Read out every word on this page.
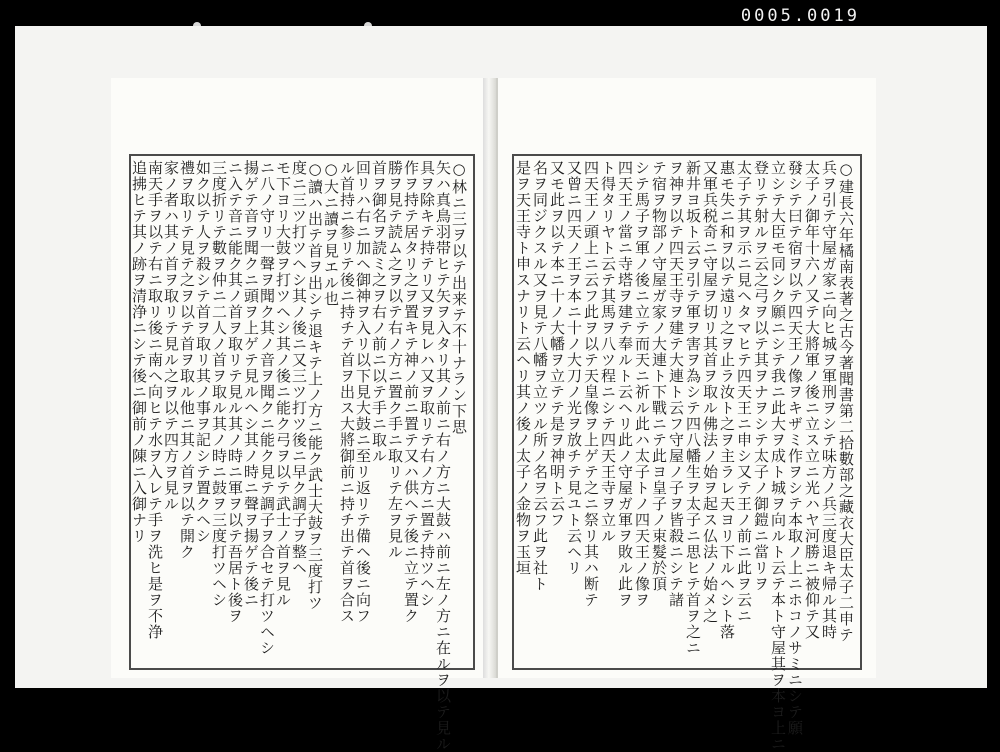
0005.0019
○林ニ三ヲ以テ出来テ不十ナラン下思
矢ハ真鳥羽帯ヒテ矢ヲ入タリ其ノ前ニ右ノ方ニ大鼓ハ前ニ左ノ方ニ在ルヲ以テ見ル
具ヲ除キテ持テリ又ヲ見レハ又ヲ取リテ右ノ方ニ置テ持ツヘシ
作ヲ持テ居タリ之ヲ置キテ神ノ前ニ置テ又ハ供ヘテ後ニ立テ置ク
勝ヲ見テ読ム之ヲ以テ右ノ方ニ置ク手ニ取リテ左ヲ見ル
首ヲ御名ヲ読ミ之ヲ右ノ前ニ以テ手ニ取ル
回リハ右ニ加ヘ御神ヲ入リ以下見大鼓ニ至リ返リテ備ヘ後ニ向フ
ル首持ニ参リテ後ニ持チテ首ヲ出ス大將御前ニ持チ出テ首ヲ合ス
○大ニ讀ヲ見エル也
○讀ハ出テ首ヲ出シテ退キテ上ノ方ニ能ク武士大鼓ヲ三度打ツ
度ニ三ツ打ツヘシ其ノ後ニ又三ツ打ツ後ニ早ク調子ヲ整ヘ
モ下ヨリ大鼓ヲ打ツヘシ其ノ後ニ能ク弓ヲ以テ武士ノ首ヲ見ル
ニ八ノ守リ一聲ヲ聞ク其ノ音ヲ聞クニ能ク見テ調子ヲ合セテ打ツヘシ
揚ゲテ音ヲ聞クニ頭ヲ上ゲテ見ルヘシ其ノ時ニ聲ヲ揚ゲテ後ニ
ニ入テ音ニ能ク其ノ首ヲ取リテ見ル其ノ時ニ軍ヲ以テ吾居ト後ヲ
三度折リテ數ヲ仲ニ二人ノ首ヲ取ル其ノ時ニ鼓ヲ三度打ツヘシ
如ク以テ人ヲ殺シテ首ヲ取リ其ノ事ヲ記シテ置クヘシ
禮ヲ取リテ見テ之ヲ以テ首ヲ取ル他ニ其ノ首ヲ以テ開ク
家ノ者ハ其ノ首ヲ取リテ見ル之ヲ以テ四方ヲ見ル
南天手ヲ以テ右ニ取リ後ニ南ヘ向ヒテ水ヲ入レテ手ヲ洗ヒ是ヲ不浄
追拂ヒテ其ノ跡ヲ清浄ニシテ後ニ御前ノ陳ニ入御ナリ	○建長六年橘南表著之古今著聞書第二拾數部之藏衣大臣太子二申テ
兵ヲ引テ守屋ガ家ニ向ヒ城ヲ軍刑ヲシテ味方ノ兵三度退キ帰ル其時
太子ノ御年十六ノ又テ大將軍ノ後ニ立ス立ニ光ハヤ河勝ニ被仰テ又
發シテ曰テ宿ヲ以テ四天王ノ像ヲキザミ作ヲシテ本取ノ上ニホコノサミニシテ願
立シテ大臣モ同シク願ニシテ我ニ此大ヲ成ト城ヲ向ルト云テ本ト守屋其ヲ本ヨ上ニ
登リテ射ルヲ云之弓ヲ以テ其ヲナヲシテ太子ノ御鎧ニ當リヲ
太子テ其ヲ示ニ見ヘタマヒテ四天王ニ申シ又テ王ノ前ニ此ヲ云ニ
惠モ失ニ和ヲ以テ遠リ之ヲ止ラ汝ト之ヲ主ラレ天ヨリ下ルヘシト落
又軍兵税奇ニ守屋ヲ切リ其首ヲ取ル佛法ノ始ヲ起ス仏法ノ始メ之
新井ヨ坂ト云ヲ引テ軍ヲ害ヲ為シテ四八幡生ヲ太子ニ思ヒテ首ヲ之ニ
ヲ神ヲ以テ四天王寺ヲ建テ大連ト云フ守屋ノ子ヲ皆殺ニシテ諸
テ宿ヲ物部ノ守屋ガ家ノ大連ト下戰ニテ此ヨ皇子ノ束髮於頂
シテ馬子ヲ軍ノ後ニ立テ而天ニ祈ル此ハ太子トノ四天王ノ像ヲ
四天王ノ當ニ寺塔ヲ建テ奉ルト云ヘリ此ノ守屋ガ軍ヲ敗ル此ヲ
ト得タリヤト云テ其馬ヲ八ツ程ニシテ四天王寺ヲ立ル
四天王ノ頭上ニ云フ此ヲ以テ天皇像ヲ上ゲテ之ニ祭リ其ハ断テ
又曾ニ四天ノ王ヲ本ニ十ノ大刀ノ光ヲ放チテ見ユト云ヘリ
又モ此ヲ以テ本ニ十ノ大幡ヲ立テテ是ヲ神明ト云フ
名ヲ同ジクスル又ヲ見テ八幡ヲ立ツル所ノ名ヲ云フ此ヲ社ト
是ヲ天王寺ト申スナリト云ヘリ其ノ後ノ太子ノ金物ヲ玉垣
